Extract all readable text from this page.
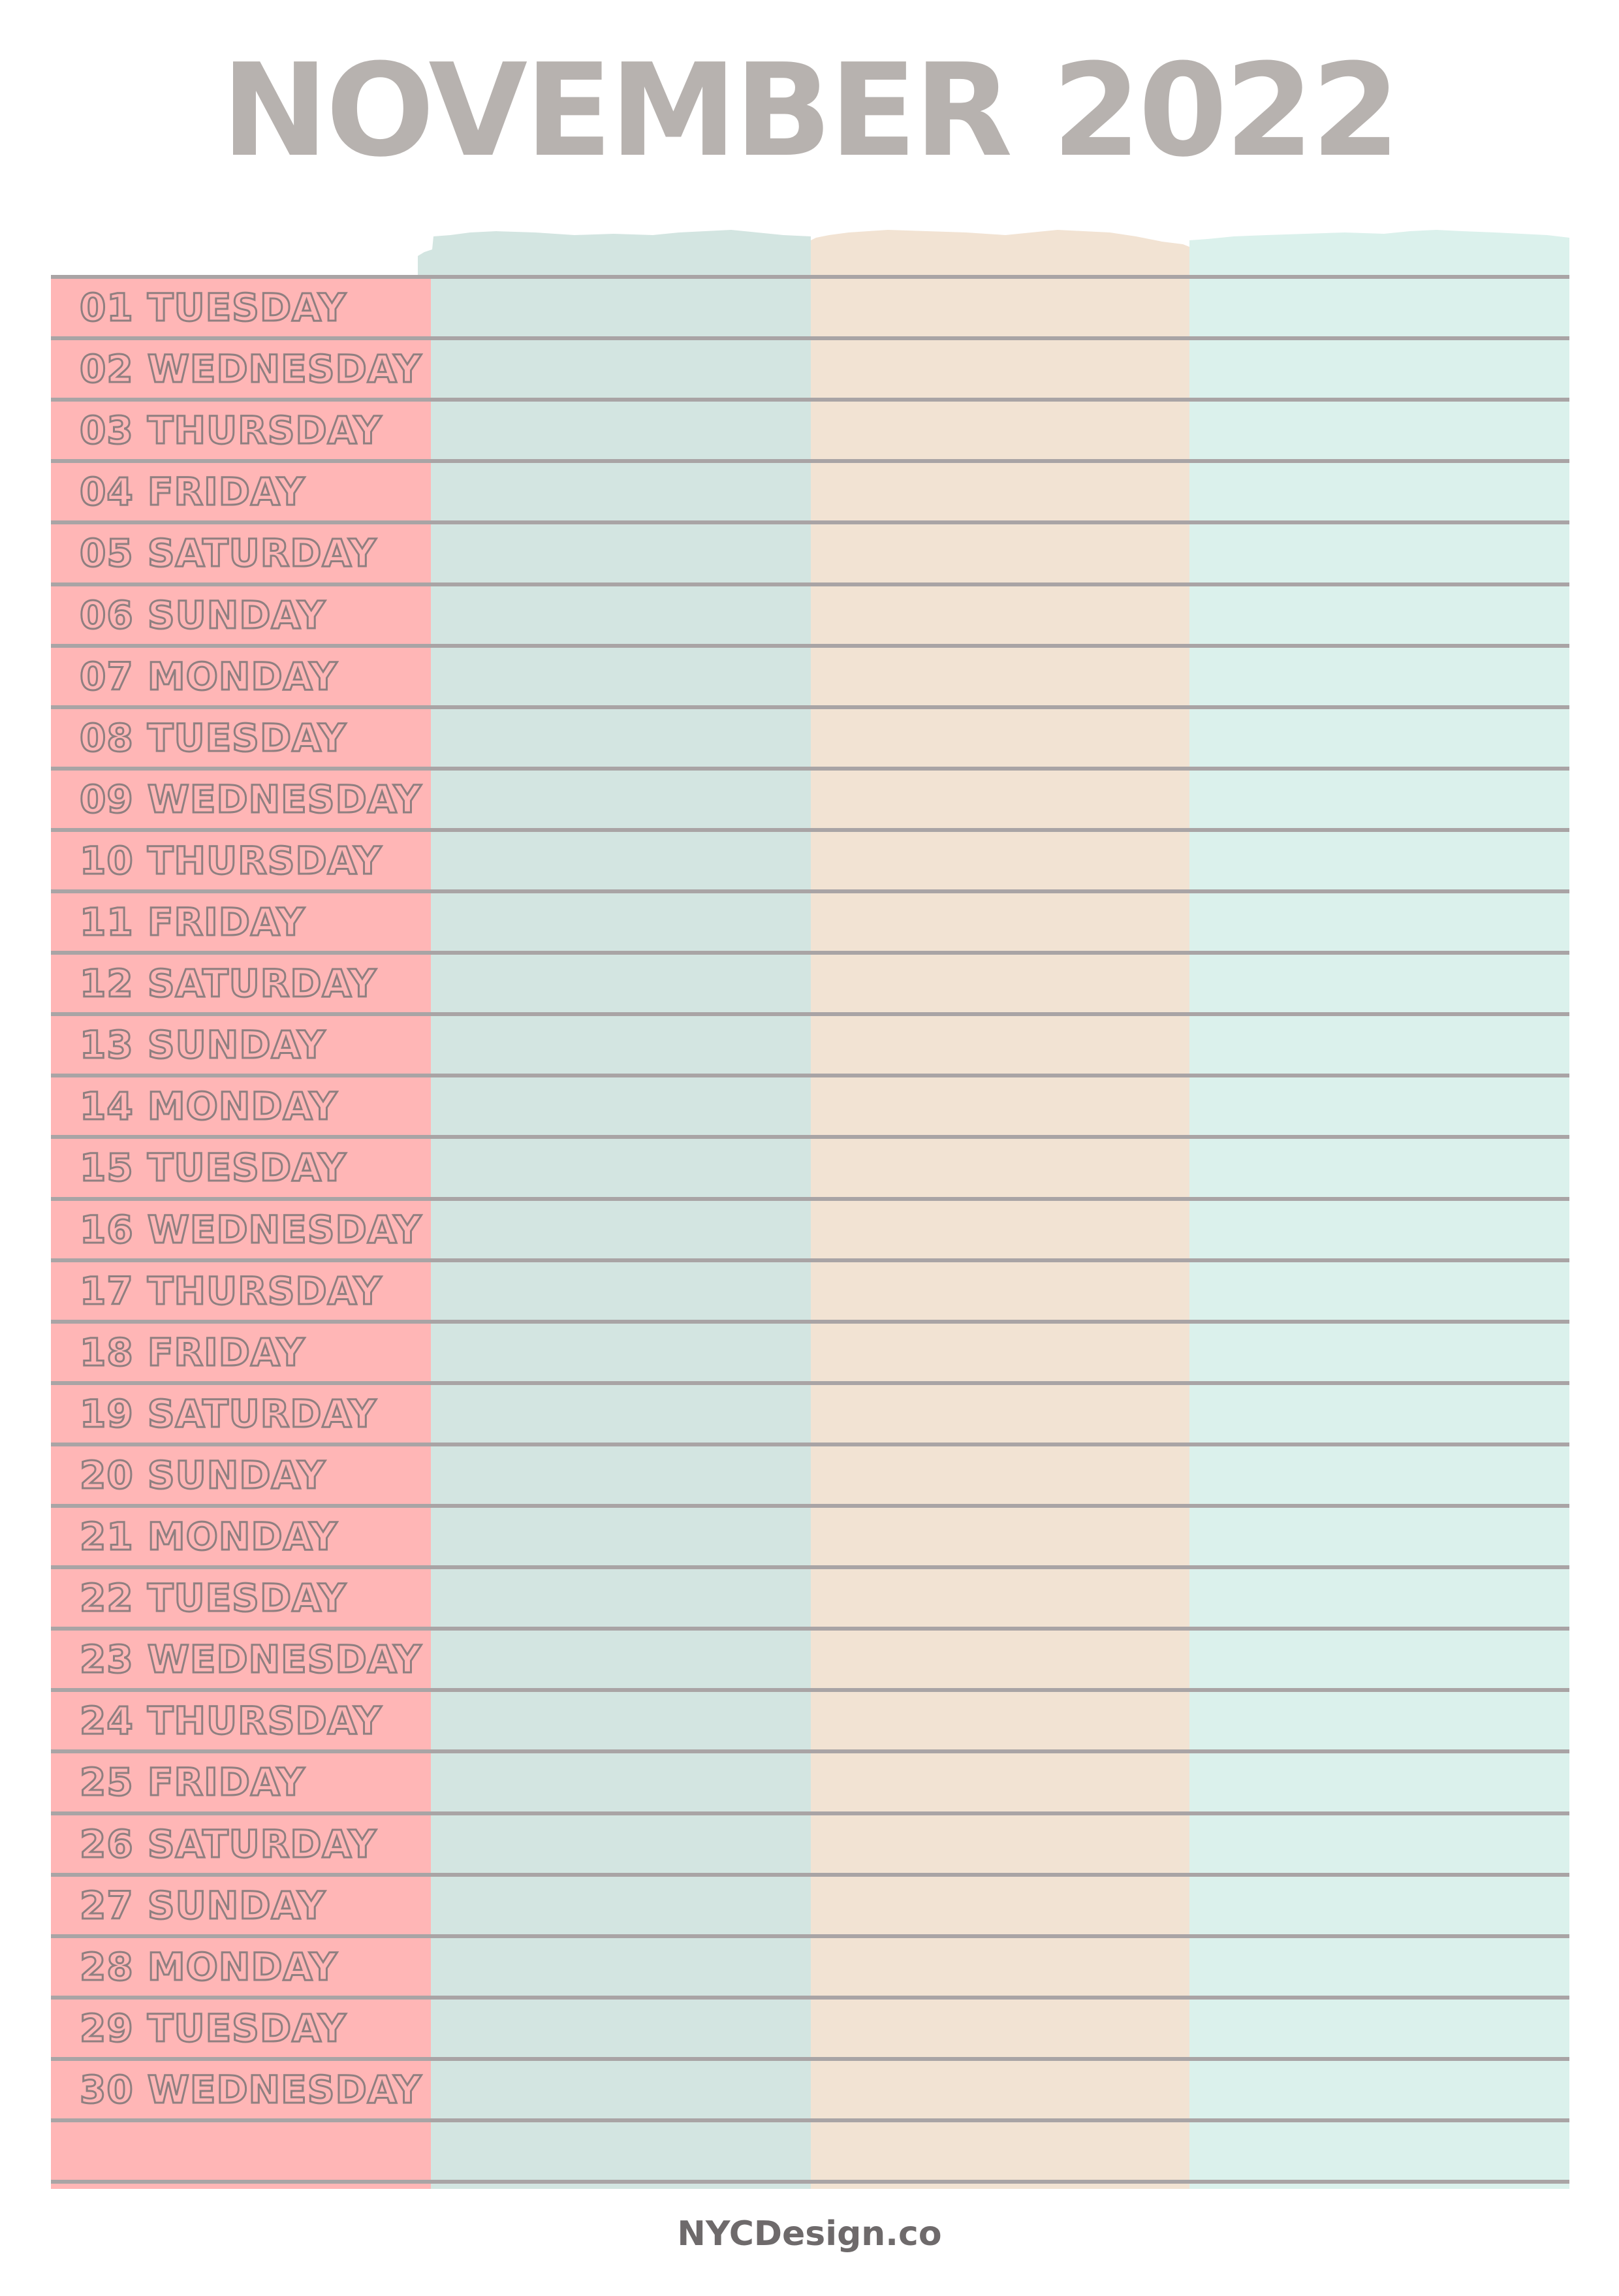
NOVEMBER 2022
01 TUESDAY
02 WEDNESDAY
03 THURSDAY
04 FRIDAY
05 SATURDAY
06 SUNDAY
07 MONDAY
08 TUESDAY
09 WEDNESDAY
10 THURSDAY
11 FRIDAY
12 SATURDAY
13 SUNDAY
14 MONDAY
15 TUESDAY
16 WEDNESDAY
17 THURSDAY
18 FRIDAY
19 SATURDAY
20 SUNDAY
21 MONDAY
22 TUESDAY
23 WEDNESDAY
24 THURSDAY
25 FRIDAY
26 SATURDAY
27 SUNDAY
28 MONDAY
29 TUESDAY
30 WEDNESDAY
NYCDesign.co
